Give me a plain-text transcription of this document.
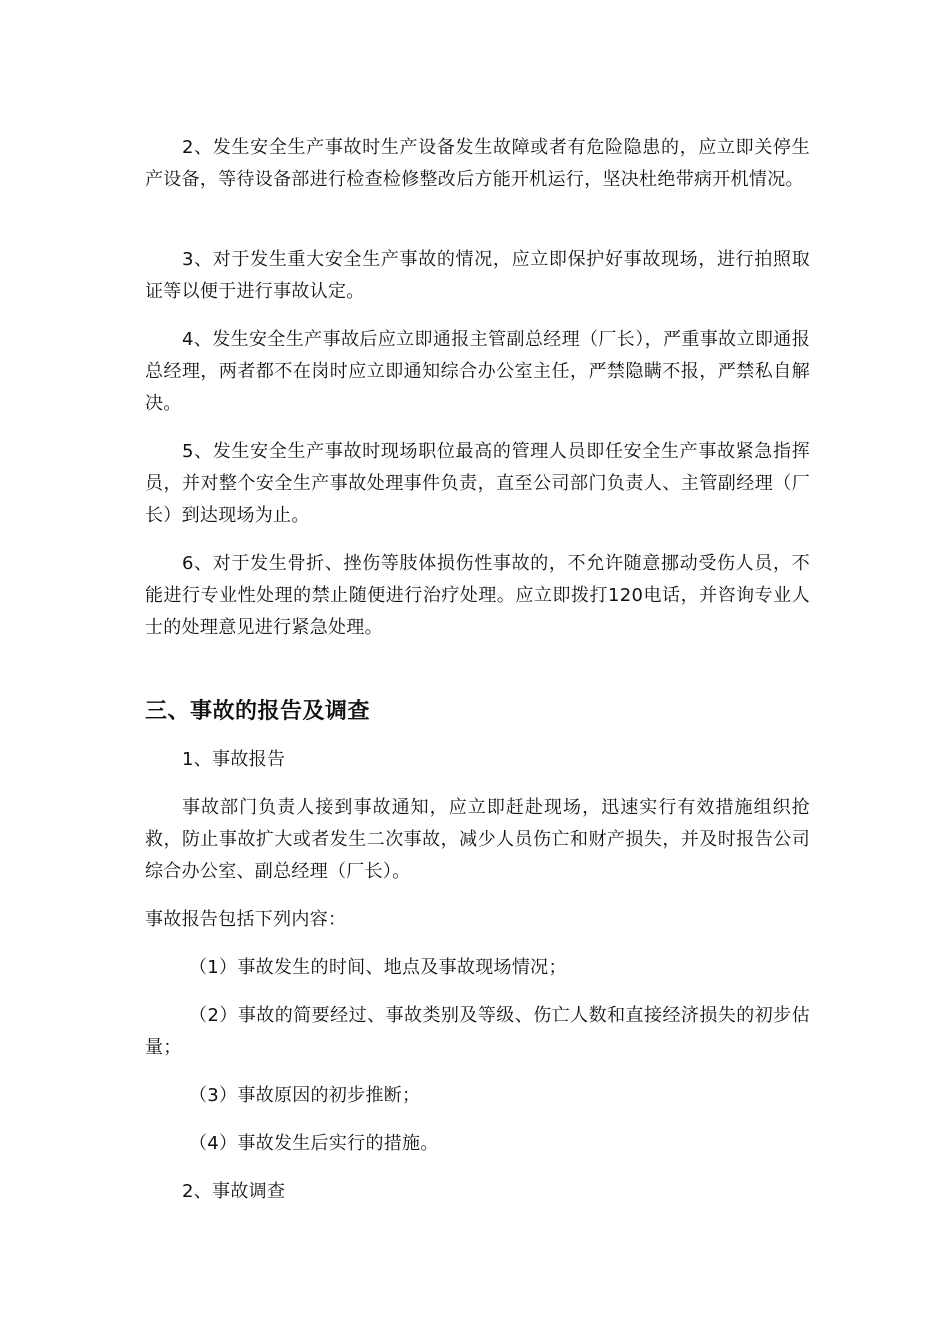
2、发生安全生产事故时生产设备发生故障或者有危险隐患的，应立即关停生产设备，等待设备部进行检查检修整改后方能开机运行，坚决杜绝带病开机情况。

3、对于发生重大安全生产事故的情况，应立即保护好事故现场，进行拍照取证等以便于进行事故认定。

4、发生安全生产事故后应立即通报主管副总经理（厂长），严重事故立即通报总经理，两者都不在岗时应立即通知综合办公室主任，严禁隐瞒不报，严禁私自解决。

5、发生安全生产事故时现场职位最高的管理人员即任安全生产事故紧急指挥员，并对整个安全生产事故处理事件负责，直至公司部门负责人、主管副经理（厂长）到达现场为止。

6、对于发生骨折、挫伤等肢体损伤性事故的，不允许随意挪动受伤人员，不能进行专业性处理的禁止随便进行治疗处理。应立即拨打120电话，并咨询专业人士的处理意见进行紧急处理。

三、事故的报告及调查

1、事故报告

事故部门负责人接到事故通知，应立即赶赴现场，迅速实行有效措施组织抢救，防止事故扩大或者发生二次事故，减少人员伤亡和财产损失，并及时报告公司综合办公室、副总经理（厂长）。

事故报告包括下列内容：

（1）事故发生的时间、地点及事故现场情况；

（2）事故的简要经过、事故类别及等级、伤亡人数和直接经济损失的初步估量；

（3）事故原因的初步推断；

（4）事故发生后实行的措施。

2、事故调查
